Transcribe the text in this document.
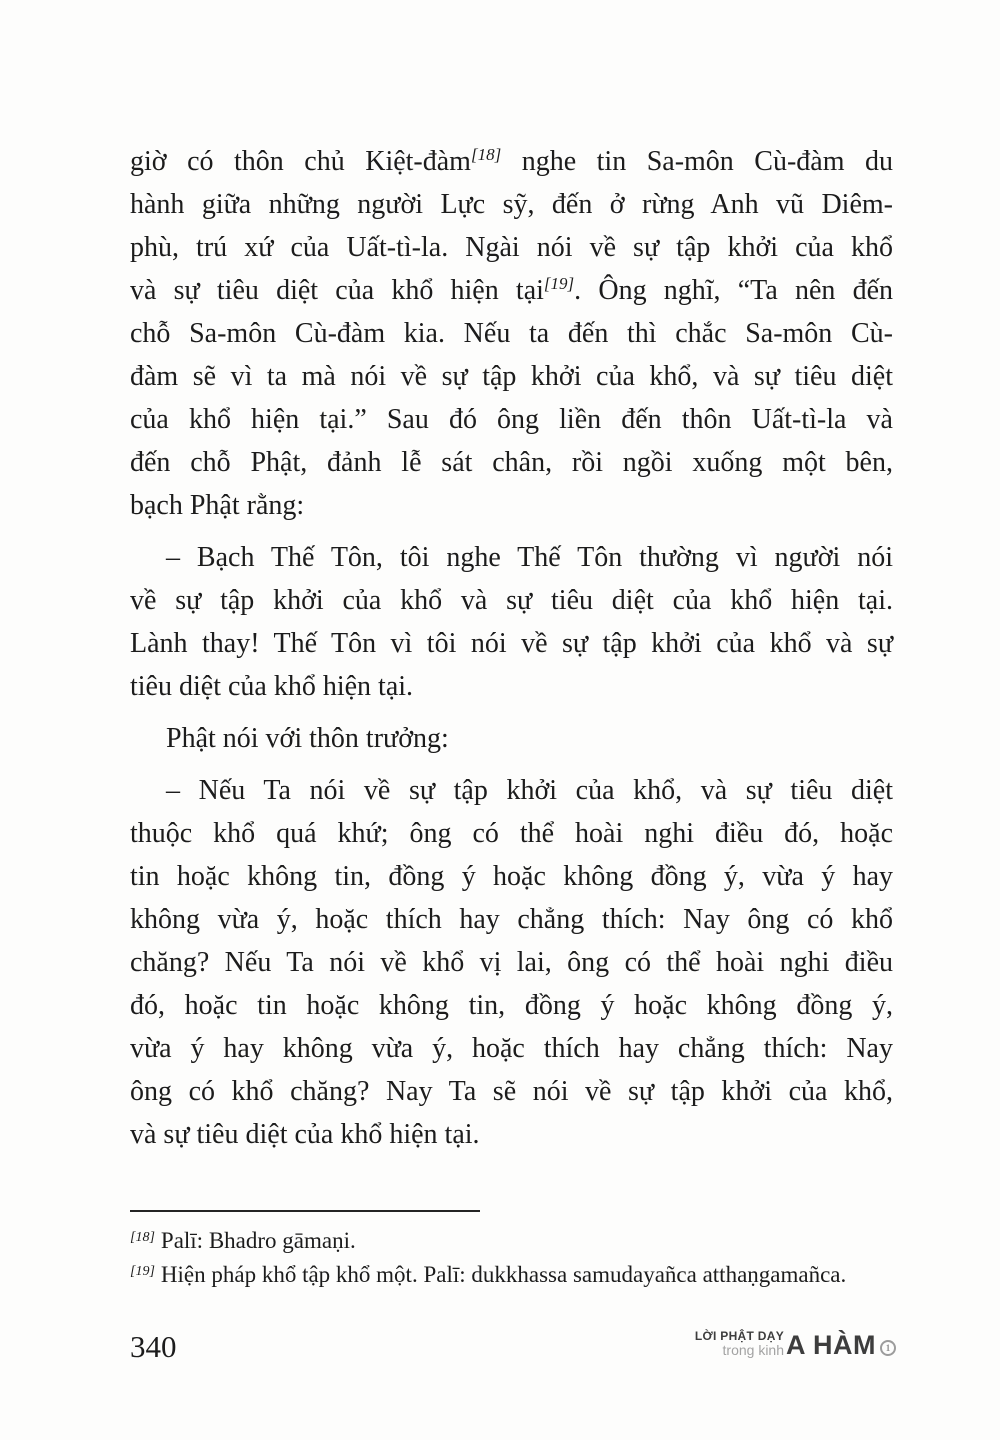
giờ có thôn chủ Kiệt-đàm[18] nghe tin Sa-môn Cù-đàm du
hành giữa những người Lực sỹ, đến ở rừng Anh vũ Diêm-
phù, trú xứ của Uất-tì-la. Ngài nói về sự tập khởi của khổ
và sự tiêu diệt của khổ hiện tại[19]. Ông nghĩ, “Ta nên đến
chỗ Sa-môn Cù-đàm kia. Nếu ta đến thì chắc Sa-môn Cù-
đàm sẽ vì ta mà nói về sự tập khởi của khổ, và sự tiêu diệt
của khổ hiện tại.” Sau đó ông liền đến thôn Uất-tì-la và
đến chỗ Phật, đảnh lễ sát chân, rồi ngồi xuống một bên,
bạch Phật rằng:
– Bạch Thế Tôn, tôi nghe Thế Tôn thường vì người nói
về sự tập khởi của khổ và sự tiêu diệt của khổ hiện tại.
Lành thay! Thế Tôn vì tôi nói về sự tập khởi của khổ và sự
tiêu diệt của khổ hiện tại.
Phật nói với thôn trưởng:
– Nếu Ta nói về sự tập khởi của khổ, và sự tiêu diệt
thuộc khổ quá khứ; ông có thể hoài nghi điều đó, hoặc
tin hoặc không tin, đồng ý hoặc không đồng ý, vừa ý hay
không vừa ý, hoặc thích hay chẳng thích: Nay ông có khổ
chăng? Nếu Ta nói về khổ vị lai, ông có thể hoài nghi điều
đó, hoặc tin hoặc không tin, đồng ý hoặc không đồng ý,
vừa ý hay không vừa ý, hoặc thích hay chẳng thích: Nay
ông có khổ chăng? Nay Ta sẽ nói về sự tập khởi của khổ,
và sự tiêu diệt của khổ hiện tại.
[18] Palī: Bhadro gāmaṇi.
[19] Hiện pháp khổ tập khổ một. Palī: dukkhassa samudayañca atthaṇgamañca.
340	LỜI PHẬT DẠY
trong kinh A HÀM 1
